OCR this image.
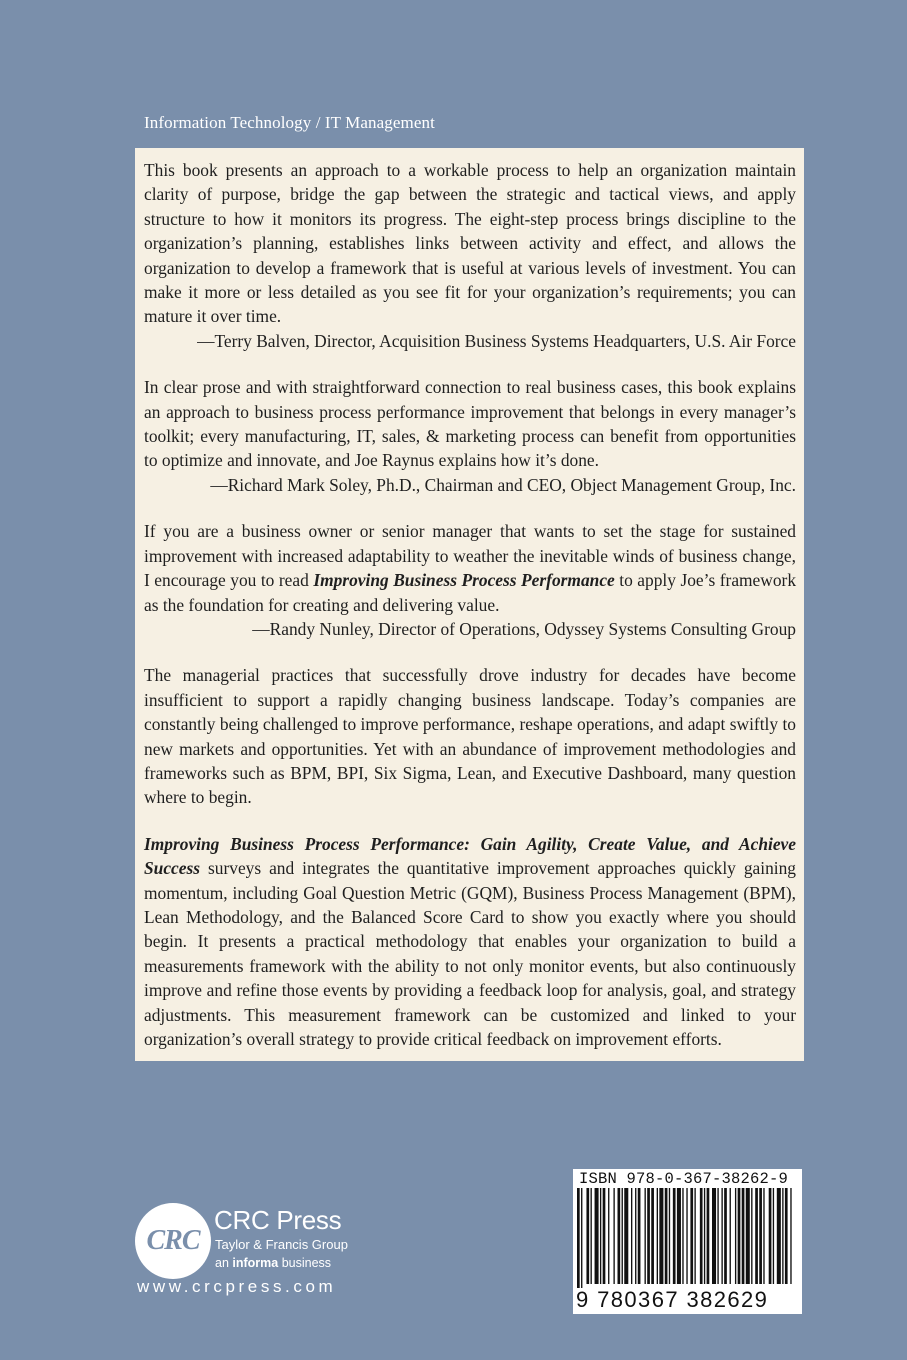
Information Technology / IT Management

This book presents an approach to a workable process to help an organization maintain clarity of purpose, bridge the gap between the strategic and tactical views, and apply structure to how it monitors its progress. The eight-step process brings discipline to the organization’s planning, establishes links between activity and effect, and allows the organization to develop a framework that is useful at various levels of investment. You can make it more or less detailed as you see fit for your organization’s requirements; you can mature it over time.

—Terry Balven, Director, Acquisition Business Systems Headquarters, U.S. Air Force

In clear prose and with straightforward connection to real business cases, this book explains an approach to business process performance improvement that belongs in every manager’s toolkit; every manufacturing, IT, sales, & marketing process can benefit from opportunities to optimize and innovate, and Joe Raynus explains how it’s done.

—Richard Mark Soley, Ph.D., Chairman and CEO, Object Management Group, Inc.

If you are a business owner or senior manager that wants to set the stage for sustained improvement with increased adaptability to weather the inevitable winds of business change, I encourage you to read Improving Business Process Performance to apply Joe’s framework as the foundation for creating and delivering value.

—Randy Nunley, Director of Operations, Odyssey Systems Consulting Group

The managerial practices that successfully drove industry for decades have become insufficient to support a rapidly changing business landscape. Today’s companies are constantly being challenged to improve performance, reshape operations, and adapt swiftly to new markets and opportunities. Yet with an abundance of improvement methodologies and frameworks such as BPM, BPI, Six Sigma, Lean, and Executive Dashboard, many question where to begin.

Improving Business Process Performance: Gain Agility, Create Value, and Achieve Success surveys and integrates the quantitative improvement approaches quickly gaining momentum, including Goal Question Metric (GQM), Business Process Management (BPM), Lean Methodology, and the Balanced Score Card to show you exactly where you should begin. It presents a practical methodology that enables your organization to build a measurements framework with the ability to not only monitor events, but also continuously improve and refine those events by providing a feedback loop for analysis, goal, and strategy adjustments. This measurement framework can be customized and linked to your organization’s overall strategy to provide critical feedback on improvement efforts.

CRC
CRC Press
Taylor & Francis Group
an informa business
www.crcpress.com
ISBN 978-0-367-38262-9
9 780367 382629
